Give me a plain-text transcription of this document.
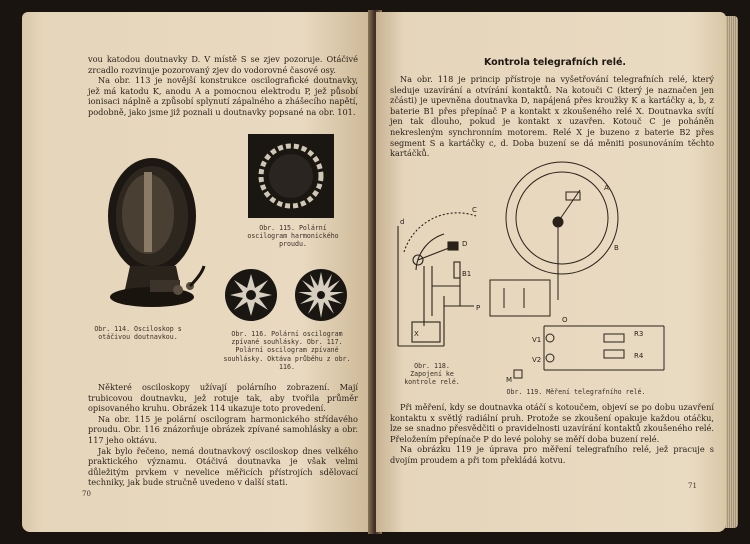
vou katodou doutnavky D. V místě S se zjev pozoruje. Otáčivé zrcadlo rozvinuje pozorovaný zjev do vodorovné časové osy.

Na obr. 113 je novější konstrukce oscilografické doutnavky, jež má katodu K, anodu A a pomocnou elektrodu P, jež působí ionisaci náplně a způsobí splynutí zápalného a zhášecího napětí, podobně, jako jsme již poznali u doutnavky popsané na obr. 101.

Obr. 115. Polární oscilogram harmonického proudu.
Obr. 114. Osciloskop s otáčivou doutnavkou.	Obr. 116. Polární oscilogram zpívané souhlásky. Obr. 117. Polární oscilogram zpívané souhlásky. Oktáva průběhu z obr. 116.

Některé osciloskopy užívají polárního zobrazení. Mají trubicovou doutnavku, jež rotuje tak, aby tvořila průměr opisovaného kruhu. Obrázek 114 ukazuje toto provedení.

Na obr. 115 je polární oscilogram harmonického střídavého proudu. Obr. 116 znázorňuje obrázek zpívané samohlásky a obr. 117 jeho oktávu.

Jak bylo řečeno, nemá doutnavkový osciloskop dnes velkého praktického významu. Otáčivá doutnavka je však velmi důležitým prvkem v nevelice měřicích přístrojích sdělovací techniky, jak bude stručně uvedeno v další stati.

70
Kontrola telegrafních relé.

Na obr. 118 je princip přístroje na vyšetřování telegrafních relé, který sleduje uzavírání a otvírání kontaktů. Na kotouči C (který je naznačen jen zčásti) je upevněna doutnavka D, napájená přes kroužky K a kartáčky a, b, z baterie B1 přes přepínač P a kontakt x zkoušeného relé X. Doutnavka svítí jen tak dlouho, pokud je kontakt x uzavřen. Kotouč C je poháněn nekresleným synchronním motorem. Relé X je buzeno z baterie B2 přes segment S a kartáčky c, d. Doba buzení se dá měniti posunováním těchto kartáčků.

d
C
D
B1
P
X
Obr. 118. Zapojení ke kontrole relé.
A
B
R3
R4
V1
V2
M
O
Obr. 119. Měření telegrafního relé.

Při měření, kdy se doutnavka otáčí s kotoučem, objeví se po dobu uzavření kontaktu x světlý radiální pruh. Protože se zkoušení opakuje každou otáčku, lze se snadno přesvědčiti o pravidelnosti uzavírání kontaktů zkoušeného relé. Přeložením přepínače P do levé polohy se měří doba buzení relé.

Na obrázku 119 je úprava pro měření telegrafního relé, jež pracuje s dvojím proudem a při tom překládá kotvu.

71
